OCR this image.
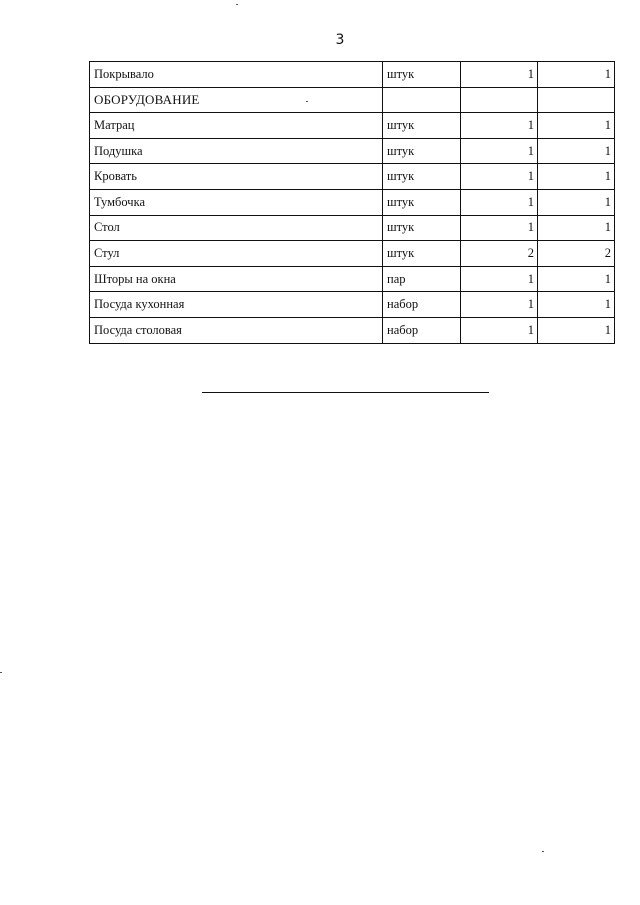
3
Покрывало	штук	1	1
ОБОРУДОВАНИЕ			
Матрац	штук	1	1
Подушка	штук	1	1
Кровать	штук	1	1
Тумбочка	штук	1	1
Стол	штук	1	1
Стул	штук	2	2
Шторы на окна	пар	1	1
Посуда кухонная	набор	1	1
Посуда столовая	набор	1	1
